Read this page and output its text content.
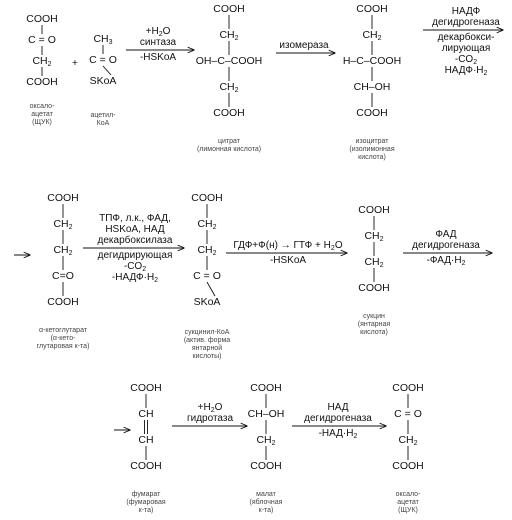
COOH
C = O
$CH_2$
COOH
оксало-
ацетат
(ЩУК)
+
$CH_3$
C = O
SKoA
ацетил-
КоА
$+H_2O$
синтаза
-HSKoA
COOH
$CH_2$
OH–C–COOH
$CH_2$
COOH
цитрат
(лимонная кислота)
изомераза
COOH
$CH_2$
H–C–COOH
CH–OH
COOH
изоцитрат
(изолимонная
кислота)
НАДФ
дегидрогеназа
декарбокси-
лирующая
$-CO_2$
$НАДФ\cdot H_2$
COOH
$CH_2$
$CH_2$
C=O
COOH
α-кетоглутарат
(α-кето-
глутаровая к-та)
ТПФ, л.к., ФАД,
HSKoA, НАД
декарбоксилаза
дегидрирующая
$-CO_2$
$-НАДФ\cdot H_2$
COOH
$CH_2$
$CH_2$
C = O
SKoA
сукцинил-КоА
(актив. форма
янтарной
кислоты)
ГДФ+Ф(н) → ГТФ + $H_2O$
-HSKoA
COOH
$CH_2$
$CH_2$
COOH
сукцин
(янтарная
кислота)
ФАД
дегидрогеназа
$-ФАД\cdot H_2$
COOH
CH
CH
COOH
фумарат
(фумаровая
к-та)
$+H_2O$
гидротаза
COOH
CH–OH
$CH_2$
COOH
малат
(яблочная
к-та)
НАД
дегидрогеназа
$-НАД\cdot H_2$
COOH
C = O
$CH_2$
COOH
оксало-
ацетат
(ЩУК)
